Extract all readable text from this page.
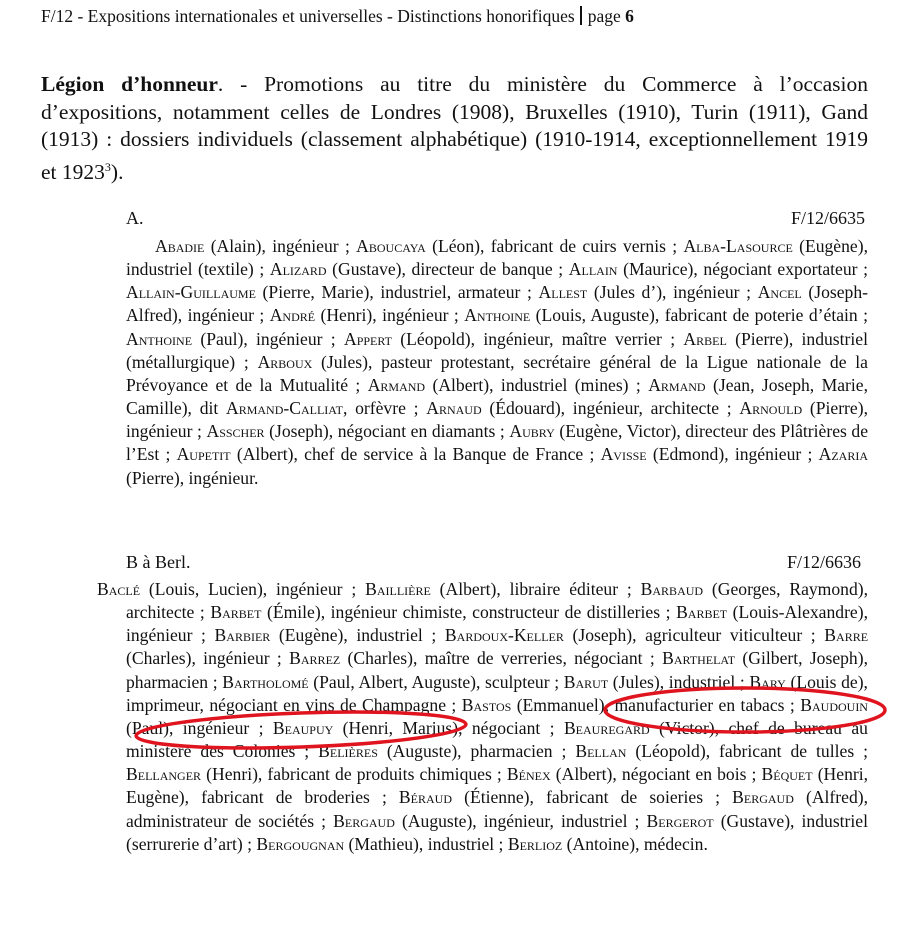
F/12 - Expositions internationales et universelles - Distinctions honorifiques page 6
Légion d’honneur. - Promotions au titre du ministère du Commerce à l’occasion d’expositions, notamment celles de Londres (1908), Bruxelles (1910), Turin (1911), Gand (1913) : dossiers individuels (classement alphabétique) (1910-1914, exceptionnellement 1919 et 1923$^3$).
A.	F/12/6635
Abadie (Alain), ingénieur ; Aboucaya (Léon), fabricant de cuirs vernis ; Alba-Lasource (Eugène), industriel (textile) ; Alizard (Gustave), directeur de banque ; Allain (Maurice), négociant exportateur ; Allain-Guillaume (Pierre, Marie), industriel, armateur ; Allest (Jules d’), ingénieur ; Ancel (Joseph-Alfred), ingénieur ; André (Henri), ingénieur ; Anthoine (Louis, Auguste), fabricant de poterie d’étain ; Anthoine (Paul), ingénieur ; Appert (Léopold), ingénieur, maître verrier ; Arbel (Pierre), industriel (métallurgique) ; Arboux (Jules), pasteur protestant, secrétaire général de la Ligue nationale de la Prévoyance et de la Mutualité ; Armand (Albert), industriel (mines) ; Armand (Jean, Joseph, Marie, Camille), dit Armand-Calliat, orfèvre ; Arnaud (Édouard), ingénieur, architecte ; Arnould (Pierre), ingénieur ; Asscher (Joseph), négociant en diamants ; Aubry (Eugène, Victor), directeur des Plâtrières de l’Est ; Aupetit (Albert), chef de service à la Banque de France ; Avisse (Edmond), ingénieur ; Azaria (Pierre), ingénieur.
B à Berl.	F/12/6636
Baclé (Louis, Lucien), ingénieur ; Baillière (Albert), libraire éditeur ; Barbaud (Georges, Raymond), architecte ; Barbet (Émile), ingénieur chimiste, constructeur de distilleries ; Barbet (Louis-Alexandre), ingénieur ; Barbier (Eugène), industriel ; Bardoux-Keller (Joseph), agriculteur viticulteur ; Barre (Charles), ingénieur ; Barrez (Charles), maître de verreries, négociant ; Barthelat (Gilbert, Joseph), pharmacien ; Bartholomé (Paul, Albert, Auguste), sculpteur ; Barut (Jules), industriel ; Bary (Louis de), imprimeur, négociant en vins de Champagne ; Bastos (Emmanuel), manufacturier en tabacs ; Baudouin (Paul), ingénieur ; Beaupuy (Henri, Marius), négociant ; Beauregard (Victor), chef de bureau au ministère des Colonies ; Belières (Auguste), pharmacien ; Bellan (Léopold), fabricant de tulles ; Bellanger (Henri), fabricant de produits chimiques ; Bénex (Albert), négociant en bois ; Béquet (Henri, Eugène), fabricant de broderies ; Béraud (Étienne), fabricant de soieries ; Bergaud (Alfred), administrateur de sociétés ; Bergaud (Auguste), ingénieur, industriel ; Bergerot (Gustave), industriel (serrurerie d’art) ; Bergougnan (Mathieu), industriel ; Berlioz (Antoine), médecin.
